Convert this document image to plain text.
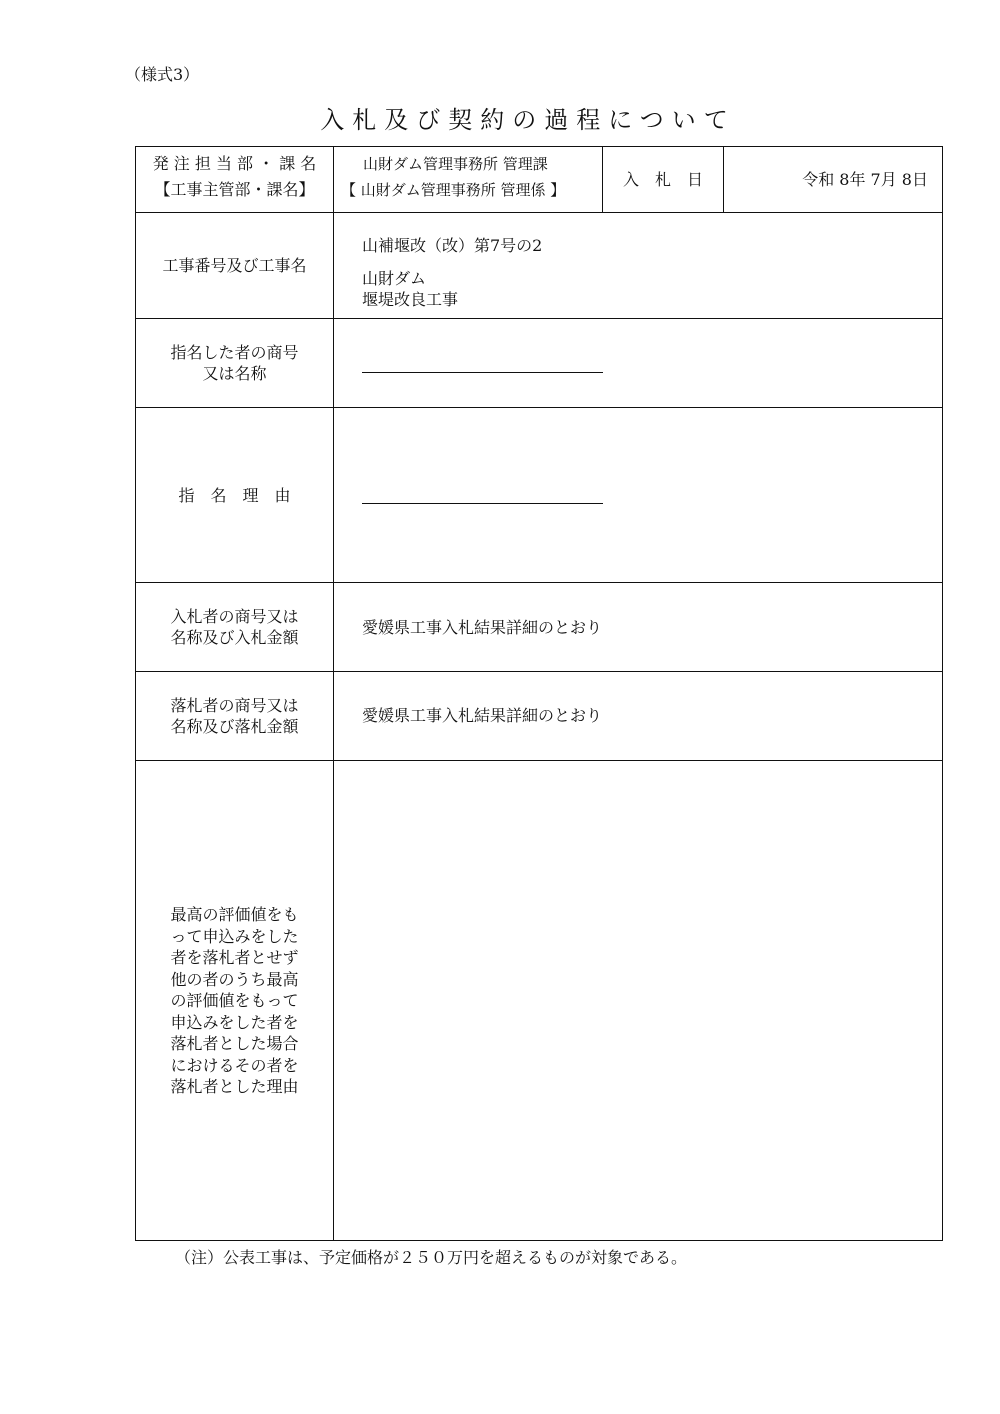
（様式3）
入札及び契約の過程について
発 注 担 当 部 ・ 課 名
【工事主管部・課名】
山財ダム管理事務所 管理課
【 山財ダム管理事務所 管理係 】
入　札　日	令和 8年 7月 8日
工事番号及び工事名
山補堰改（改）第7号の2
山財ダム
堰堤改良工事
指名した者の商号
又は名称
指　名　理　由
入札者の商号又は
名称及び入札金額
愛媛県工事入札結果詳細のとおり
落札者の商号又は
名称及び落札金額
愛媛県工事入札結果詳細のとおり
最高の評価値をも
って申込みをした
者を落札者とせず
他の者のうち最高
の評価値をもって
申込みをした者を
落札者とした場合
におけるその者を
落札者とした理由
（注）公表工事は、予定価格が２５０万円を超えるものが対象である。
